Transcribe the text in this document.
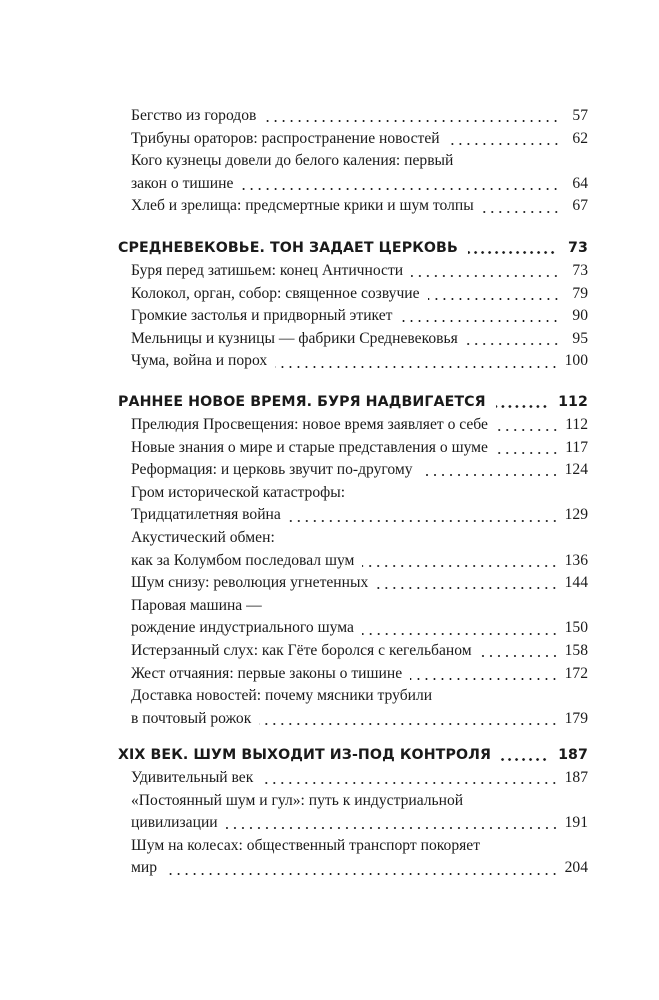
Бегство из городов	57
Трибуны ораторов: распространение новостей	62
Кого кузнецы довели до белого каления: первый
закон о тишине	64
Хлеб и зрелища: предсмертные крики и шум толпы	67
СРЕДНЕВЕКОВЬЕ. ТОН ЗАДАЕТ ЦЕРКОВЬ	73
Буря перед затишьем: конец Античности	73
Колокол, орган, собор: священное созвучие	79
Громкие застолья и придворный этикет	90
Мельницы и кузницы — фабрики Средневековья	95
Чума, война и порох	100
РАННЕЕ НОВОЕ ВРЕМЯ. БУРЯ НАДВИГАЕТСЯ	112
Прелюдия Просвещения: новое время заявляет о себе	112
Новые знания о мире и старые представления о шуме	117
Реформация: и церковь звучит по-другому	124
Гром исторической катастрофы:
Тридцатилетняя война	129
Акустический обмен:
как за Колумбом последовал шум	136
Шум снизу: революция угнетенных	144
Паровая машина —
рождение индустриального шума	150
Истерзанный слух: как Гёте боролся с кегельбаном	158
Жест отчаяния: первые законы о тишине	172
Доставка новостей: почему мясники трубили
в почтовый рожок	179
XIX ВЕК. ШУМ ВЫХОДИТ ИЗ-ПОД КОНТРОЛЯ	187
Удивительный век	187
«Постоянный шум и гул»: путь к индустриальной
цивилизации	191
Шум на колесах: общественный транспорт покоряет
мир	204
